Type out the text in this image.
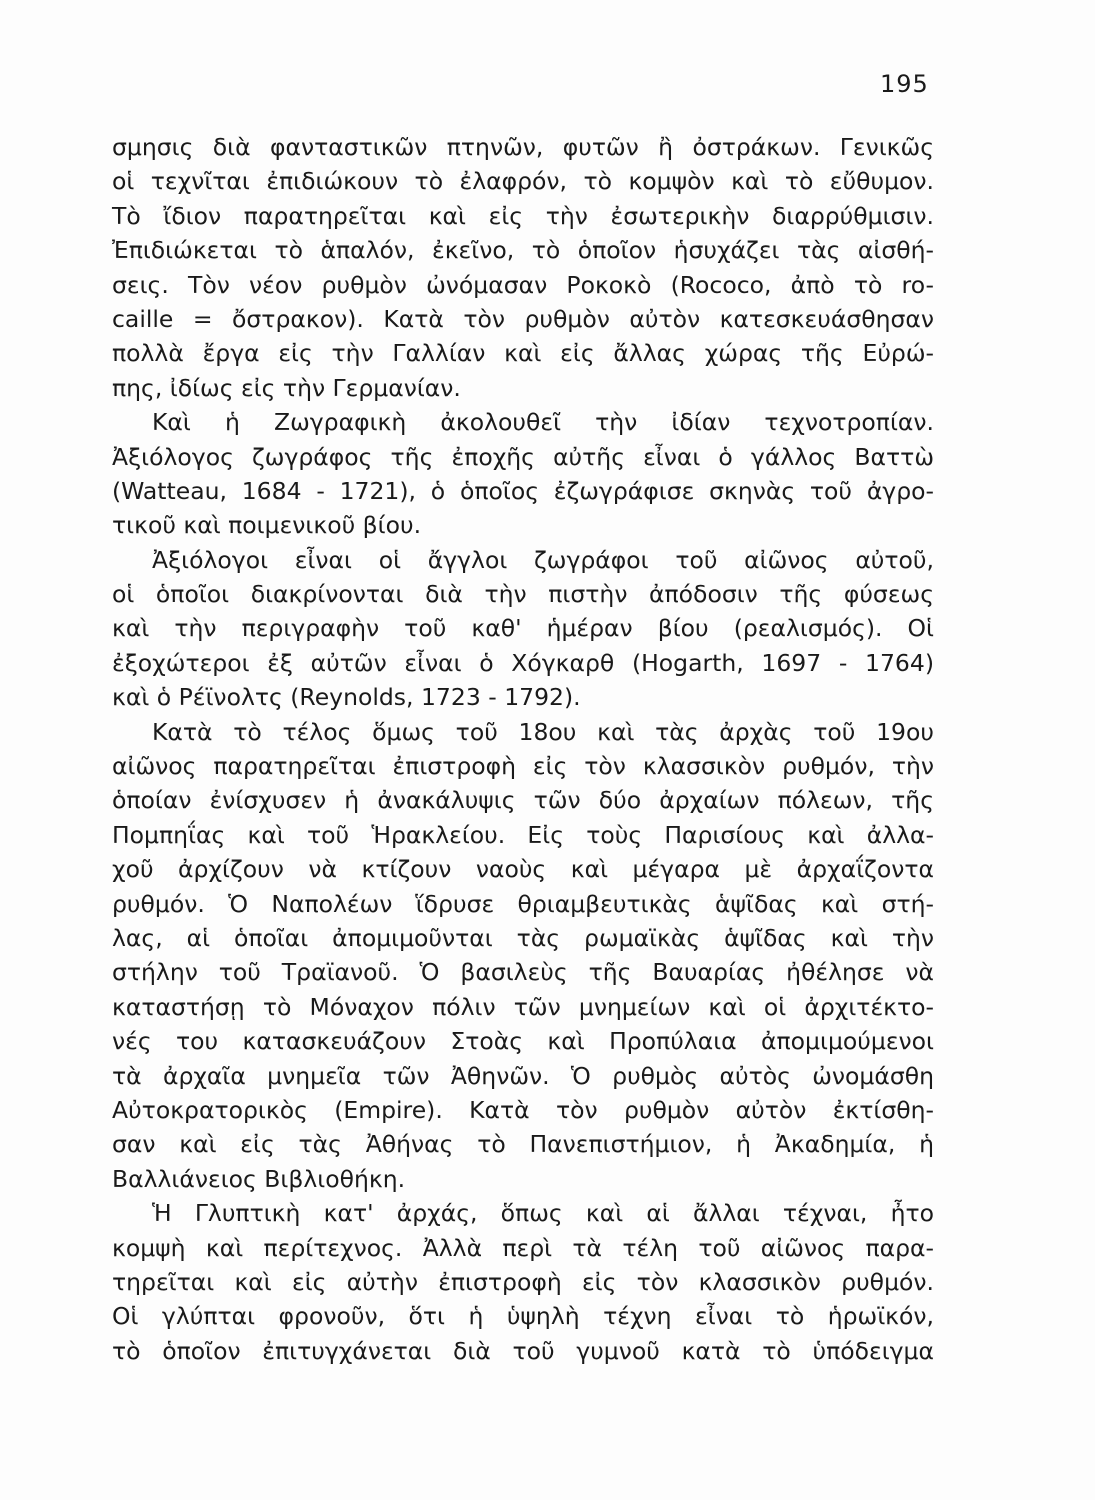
195
σμησις διὰ φανταστικῶν πτηνῶν, φυτῶν ἢ ὀστράκων. Γενικῶς
οἱ τεχνῖται ἐπιδιώκουν τὸ ἐλαφρόν, τὸ κομψὸν καὶ τὸ εὔθυμον.
Τὸ ἴδιον παρατηρεῖται καὶ εἰς τὴν ἐσωτερικὴν διαρρύθμισιν.
Ἐπιδιώκεται τὸ ἁπαλόν, ἐκεῖνο, τὸ ὁποῖον ἡσυχάζει τὰς αἰσθή-
σεις. Τὸν νέον ρυθμὸν ὠνόμασαν Ροκοκὸ (Rococo, ἀπὸ τὸ ro-
caille = ὄστρακον). Κατὰ τὸν ρυθμὸν αὐτὸν κατεσκευάσθησαν
πολλὰ ἔργα εἰς τὴν Γαλλίαν καὶ εἰς ἄλλας χώρας τῆς Εὐρώ-
πης, ἰδίως εἰς τὴν Γερμανίαν.
Καὶ ἡ Ζωγραφικὴ ἀκολουθεῖ τὴν ἰδίαν τεχνοτροπίαν.
Ἀξιόλογος ζωγράφος τῆς ἐποχῆς αὐτῆς εἶναι ὁ γάλλος Βαττὼ
(Watteau, 1684 - 1721), ὁ ὁποῖος ἐζωγράφισε σκηνὰς τοῦ ἀγρο-
τικοῦ καὶ ποιμενικοῦ βίου.
Ἀξιόλογοι εἶναι οἱ ἄγγλοι ζωγράφοι τοῦ αἰῶνος αὐτοῦ,
οἱ ὁποῖοι διακρίνονται διὰ τὴν πιστὴν ἀπόδοσιν τῆς φύσεως
καὶ τὴν περιγραφὴν τοῦ καθ' ἡμέραν βίου (ρεαλισμός). Οἱ
ἐξοχώτεροι ἐξ αὐτῶν εἶναι ὁ Χόγκαρθ (Hogarth, 1697 - 1764)
καὶ ὁ Ρέϊνολτς (Reynolds, 1723 - 1792).
Κατὰ τὸ τέλος ὅμως τοῦ 18ου καὶ τὰς ἀρχὰς τοῦ 19ου
αἰῶνος παρατηρεῖται ἐπιστροφὴ εἰς τὸν κλασσικὸν ρυθμόν, τὴν
ὁποίαν ἐνίσχυσεν ἡ ἀνακάλυψις τῶν δύο ἀρχαίων πόλεων, τῆς
Πομπηΐας καὶ τοῦ Ἡρακλείου. Εἰς τοὺς Παρισίους καὶ ἀλλα-
χοῦ ἀρχίζουν νὰ κτίζουν ναοὺς καὶ μέγαρα μὲ ἀρχαΐζοντα
ρυθμόν. Ὁ Ναπολέων ἵδρυσε θριαμβευτικὰς ἁψῖδας καὶ στή-
λας, αἱ ὁποῖαι ἀπομιμοῦνται τὰς ρωμαϊκὰς ἁψῖδας καὶ τὴν
στήλην τοῦ Τραϊανοῦ. Ὁ βασιλεὺς τῆς Βαυαρίας ἠθέλησε νὰ
καταστήσῃ τὸ Μόναχον πόλιν τῶν μνημείων καὶ οἱ ἀρχιτέκτο-
νές του κατασκευάζουν Στοὰς καὶ Προπύλαια ἀπομιμούμενοι
τὰ ἀρχαῖα μνημεῖα τῶν Ἀθηνῶν. Ὁ ρυθμὸς αὐτὸς ὠνομάσθη
Αὐτοκρατορικὸς (Empire). Κατὰ τὸν ρυθμὸν αὐτὸν ἐκτίσθη-
σαν καὶ εἰς τὰς Ἀθήνας τὸ Πανεπιστήμιον, ἡ Ἀκαδημία, ἡ
Βαλλιάνειος Βιβλιοθήκη.
Ἡ Γλυπτικὴ κατ' ἀρχάς, ὅπως καὶ αἱ ἄλλαι τέχναι, ἦτο
κομψὴ καὶ περίτεχνος. Ἀλλὰ περὶ τὰ τέλη τοῦ αἰῶνος παρα-
τηρεῖται καὶ εἰς αὐτὴν ἐπιστροφὴ εἰς τὸν κλασσικὸν ρυθμόν.
Οἱ γλύπται φρονοῦν, ὅτι ἡ ὑψηλὴ τέχνη εἶναι τὸ ἡρωϊκόν,
τὸ ὁποῖον ἐπιτυγχάνεται διὰ τοῦ γυμνοῦ κατὰ τὸ ὑπόδειγμα
